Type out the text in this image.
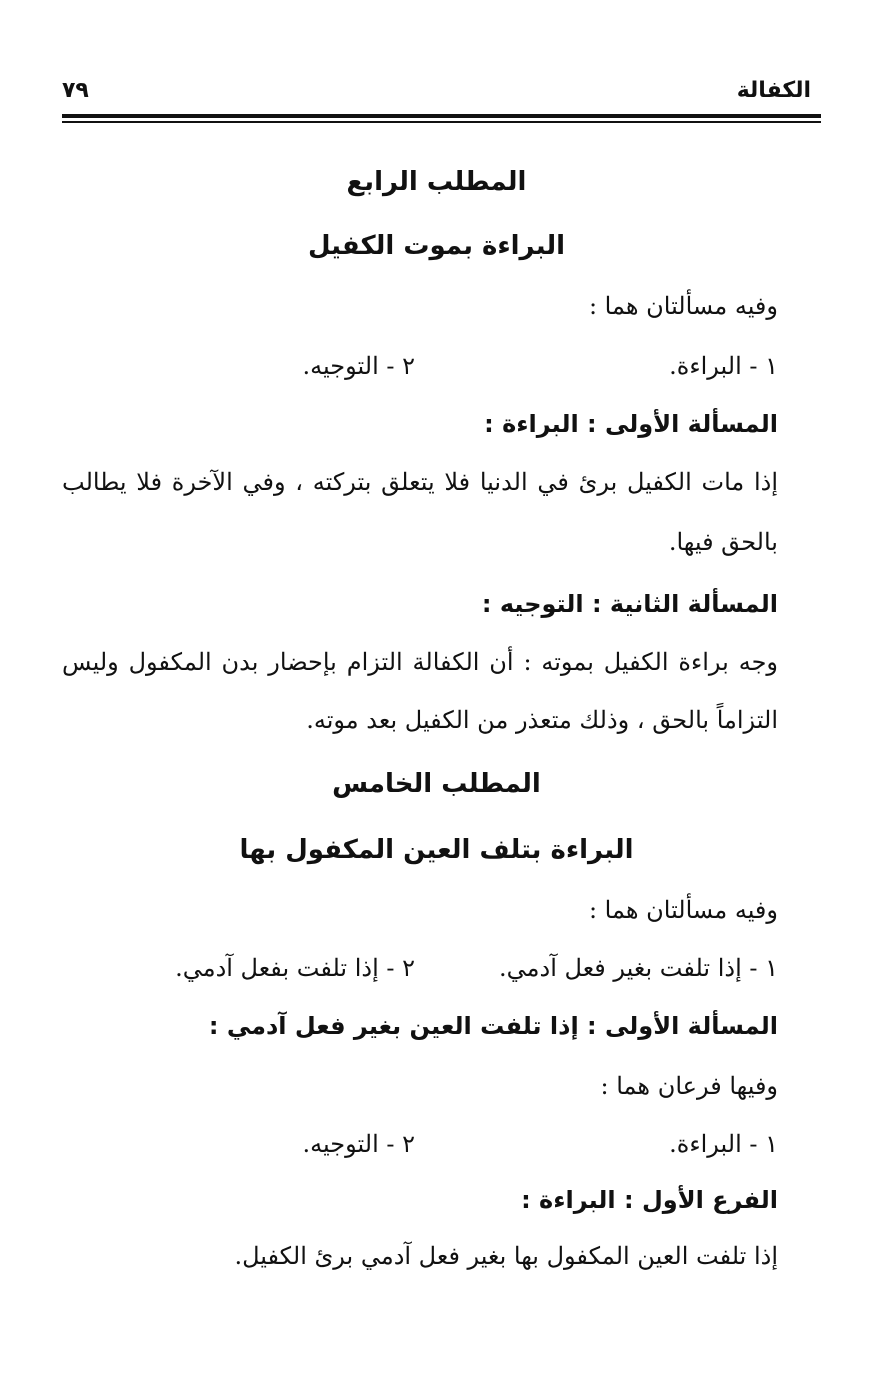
الكفالة
٧٩
المطلب الرابع
البراءة بموت الكفيل
وفيه مسألتان هما :
١ - البراءة.
٢ - التوجيه.
المسألة الأولى : البراءة :
إذا مات الكفيل برئ في الدنيا فلا يتعلق بتركته ، وفي الآخرة فلا يطالب
بالحق فيها.
المسألة الثانية : التوجيه :
وجه براءة الكفيل بموته : أن الكفالة التزام بإحضار بدن المكفول وليس
التزاماً بالحق ، وذلك متعذر من الكفيل بعد موته.
المطلب الخامس
البراءة بتلف العين المكفول بها
وفيه مسألتان هما :
١ - إذا تلفت بغير فعل آدمي.
٢ - إذا تلفت بفعل آدمي.
المسألة الأولى : إذا تلفت العين بغير فعل آدمي :
وفيها فرعان هما :
١ - البراءة.
٢ - التوجيه.
الفرع الأول : البراءة :
إذا تلفت العين المكفول بها بغير فعل آدمي برئ الكفيل.
